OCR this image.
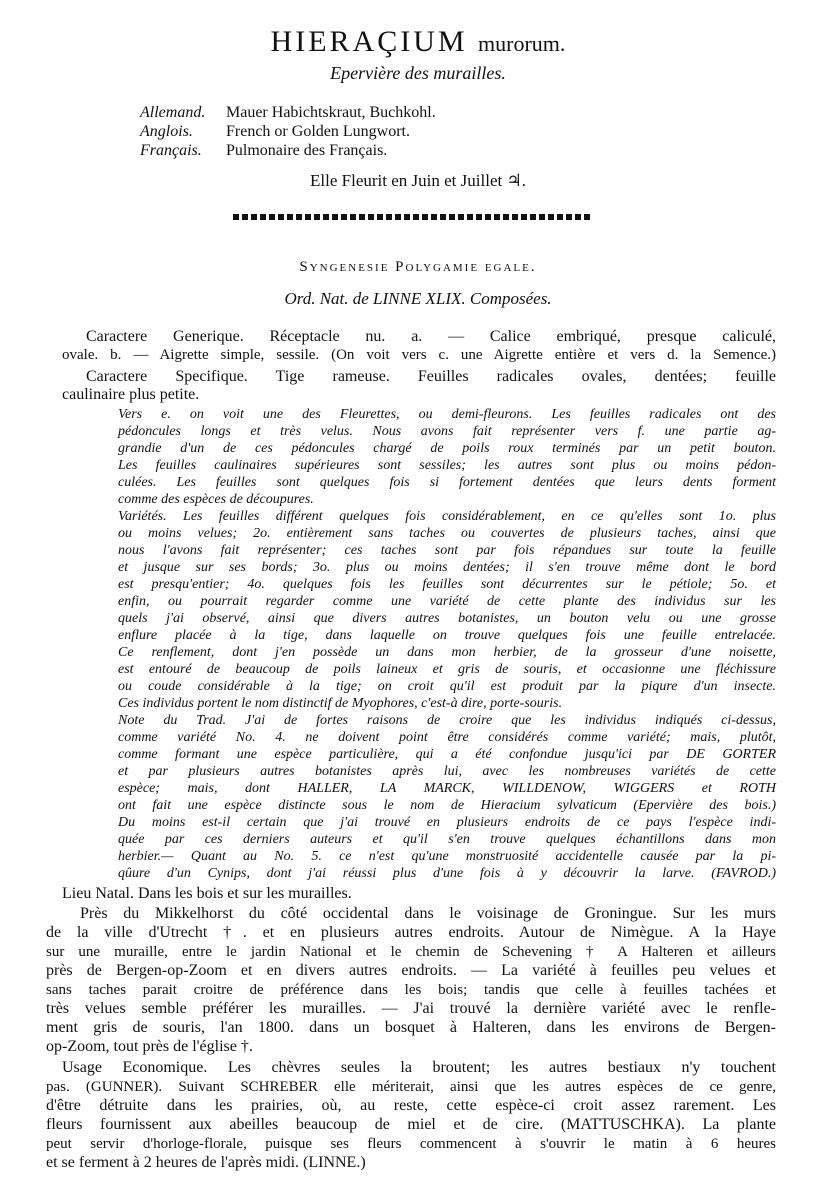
HIERAÇIUM murorum.
Epervière des murailles.
Allemand. Mauer Habichtskraut, Buchkohl.
Anglois. French or Golden Lungwort.
Français. Pulmonaire des Français.
Elle Fleurit en Juin et Juillet ♃.
Syngenesie Polygamie egale.
Ord. Nat. de LINNE XLIX. Composées.
Caractere Generique. Réceptacle nu. a. — Calice embriqué, presque caliculé,
ovale. b. — Aigrette simple, sessile. (On voit vers c. une Aigrette entière et vers d. la Semence.)
Caractere Specifique. Tige rameuse. Feuilles radicales ovales, dentées; feuille
caulinaire plus petite.
Vers e. on voit une des Fleurettes, ou demi-fleurons. Les feuilles radicales ont des
pédoncules longs et très velus. Nous avons fait représenter vers f. une partie ag-
grandie d'un de ces pédoncules chargé de poils roux terminés par un petit bouton.
Les feuilles caulinaires supérieures sont sessiles; les autres sont plus ou moins pédon-
culées. Les feuilles sont quelques fois si fortement dentées que leurs dents forment
comme des espèces de découpures.
Variétés. Les feuilles différent quelques fois considérablement, en ce qu'elles sont 1o. plus
ou moins velues; 2o. entièrement sans taches ou couvertes de plusieurs taches, ainsi que
nous l'avons fait représenter; ces taches sont par fois répandues sur toute la feuille
et jusque sur ses bords; 3o. plus ou moins dentées; il s'en trouve même dont le bord
est presqu'entier; 4o. quelques fois les feuilles sont décurrentes sur le pétiole; 5o. et
enfin, ou pourrait regarder comme une variété de cette plante des individus sur les
quels j'ai observé, ainsi que divers autres botanistes, un bouton velu ou une grosse
enflure placée à la tige, dans laquelle on trouve quelques fois une feuille entrelacée.
Ce renflement, dont j'en possède un dans mon herbier, de la grosseur d'une noisette,
est entouré de beaucoup de poils laineux et gris de souris, et occasionne une fléchissure
ou coude considérable à la tige; on croit qu'il est produit par la piqure d'un insecte.
Ces individus portent le nom distinctif de Myophores, c'est-à dire, porte-souris.
Note du Trad. J'ai de fortes raisons de croire que les individus indiqués ci-dessus,
comme variété No. 4. ne doivent point être considérés comme variété; mais, plutôt,
comme formant une espèce particulière, qui a été confondue jusqu'ici par DE GORTER
et par plusieurs autres botanistes après lui, avec les nombreuses variétés de cette
espèce; mais, dont HALLER, LA MARCK, WILLDENOW, WIGGERS et ROTH
ont fait une espèce distincte sous le nom de Hieracium sylvaticum (Epervière des bois.)
Du moins est-il certain que j'ai trouvé en plusieurs endroits de ce pays l'espèce indi-
quée par ces derniers auteurs et qu'il s'en trouve quelques échantillons dans mon
herbier.— Quant au No. 5. ce n'est qu'une monstruosité accidentelle causée par la pi-
qûure d'un Cynips, dont j'ai réussi plus d'une fois à y découvrir la larve. (FAVROD.)
Lieu Natal. Dans les bois et sur les murailles.
Près du Mikkelhorst du côté occidental dans le voisinage de Groningue. Sur les murs
de la ville d'Utrecht †. et en plusieurs autres endroits. Autour de Nimègue. A la Haye
sur une muraille, entre le jardin National et le chemin de Schevening † A Halteren et ailleurs
près de Bergen-op-Zoom et en divers autres endroits. — La variété à feuilles peu velues et
sans taches parait croitre de préférence dans les bois; tandis que celle à feuilles tachées et
très velues semble préférer les murailles. — J'ai trouvé la dernière variété avec le renfle-
ment gris de souris, l'an 1800. dans un bosquet à Halteren, dans les environs de Bergen-
op-Zoom, tout près de l'église †.
Usage Economique. Les chèvres seules la broutent; les autres bestiaux n'y touchent
pas. (GUNNER). Suivant SCHREBER elle mériterait, ainsi que les autres espèces de ce genre,
d'être détruite dans les prairies, où, au reste, cette espèce-ci croit assez rarement. Les
fleurs fournissent aux abeilles beaucoup de miel et de cire. (MATTUSCHKA). La plante
peut servir d'horloge-florale, puisque ses fleurs commencent à s'ouvrir le matin à 6 heures
et se ferment à 2 heures de l'après midi. (LINNE.)
